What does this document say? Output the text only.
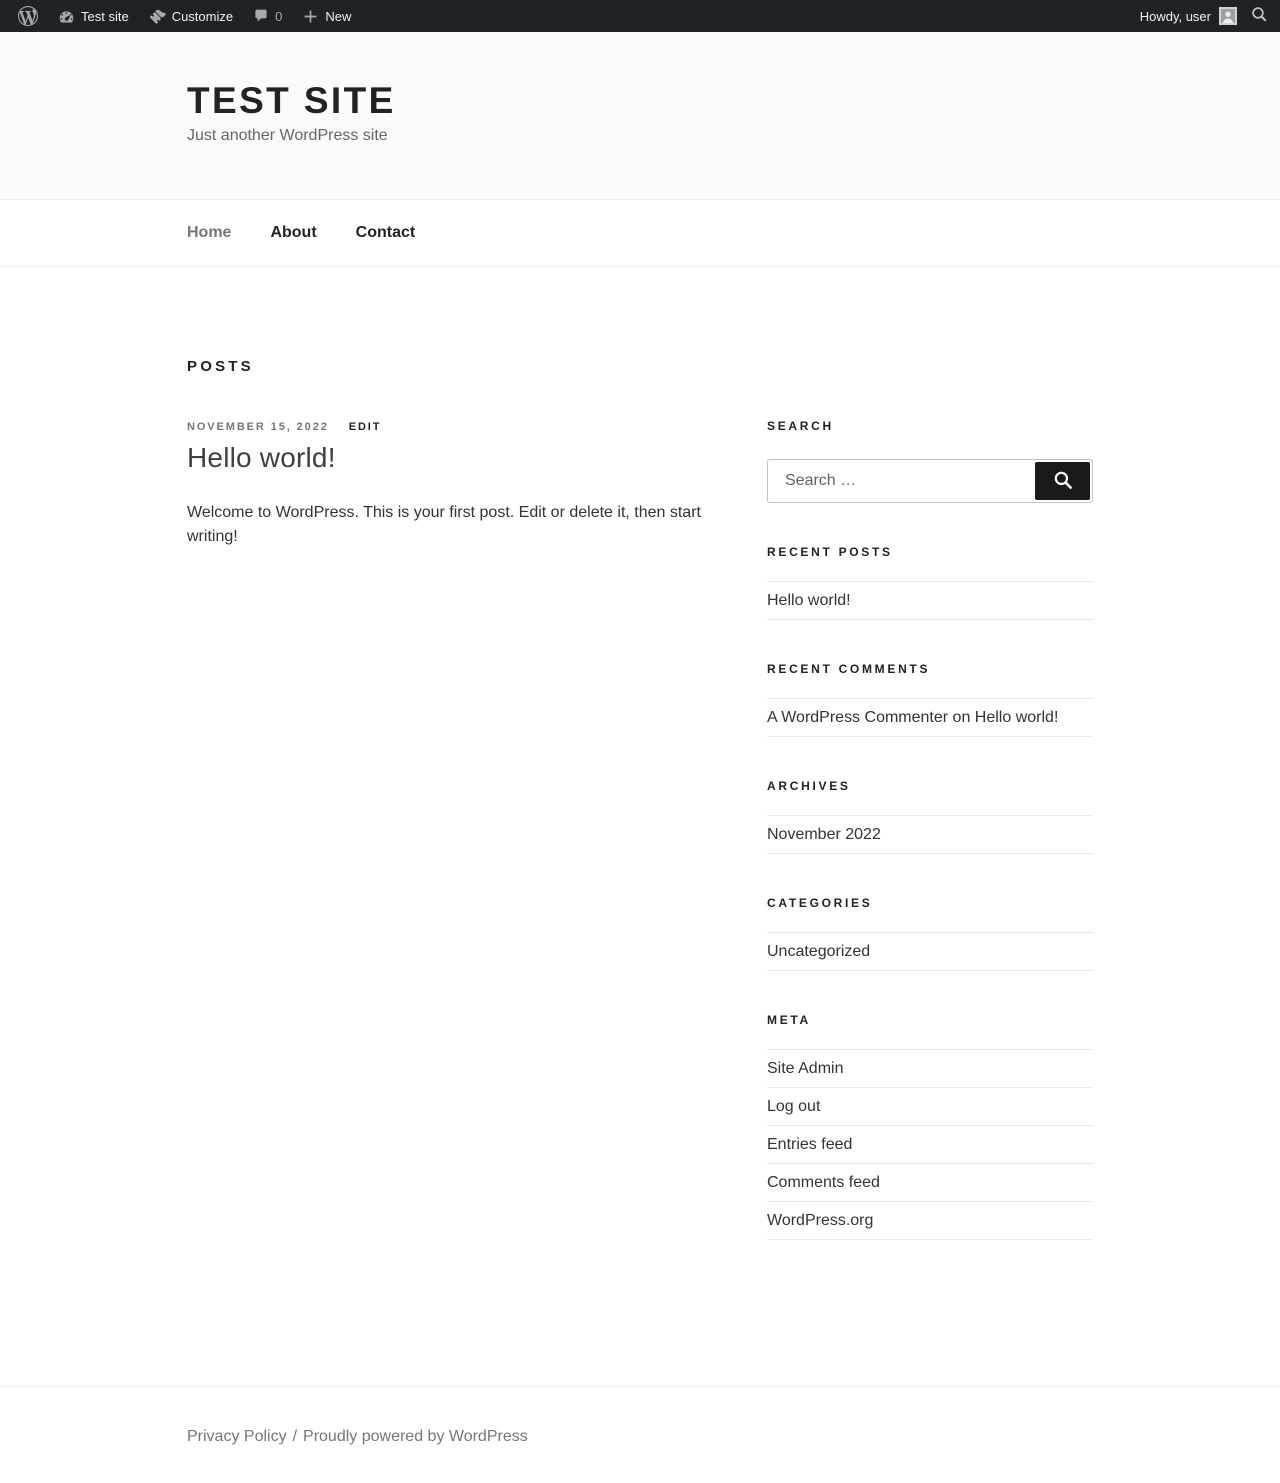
Test site	Customize	0	New	Howdy, user
TEST SITE
Just another WordPress site
Home About Contact
POSTS
NOVEMBER 15, 2022 EDIT
Hello world!

Welcome to WordPress. This is your first post. Edit or delete it, then start writing!

SEARCH
Search …
RECENT POSTS
Hello world!
RECENT COMMENTS
A WordPress Commenter on Hello world!
ARCHIVES
November 2022
CATEGORIES
Uncategorized
META
Site Admin
Log out
Entries feed
Comments feed
WordPress.org
Privacy Policy / Proudly powered by WordPress
